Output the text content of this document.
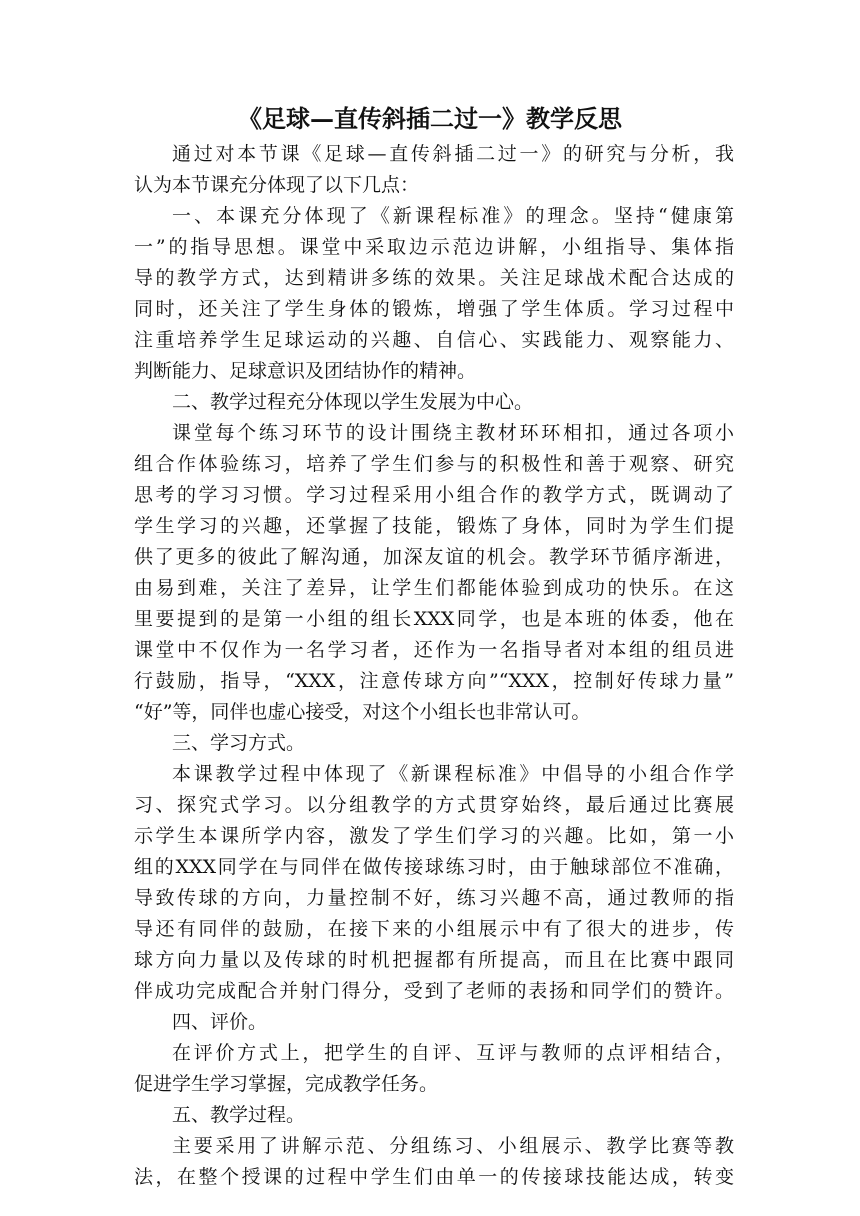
《足球—直传斜插二过一》教学反思
通过对本节课《足球—直传斜插二过一》的研究与分析，我
认为本节课充分体现了以下几点：
一、本课充分体现了《新课程标准》的理念。坚持“健康第
一”的指导思想。课堂中采取边示范边讲解，小组指导、集体指
导的教学方式，达到精讲多练的效果。关注足球战术配合达成的
同时，还关注了学生身体的锻炼，增强了学生体质。学习过程中
注重培养学生足球运动的兴趣、自信心、实践能力、观察能力、
判断能力、足球意识及团结协作的精神。
二、教学过程充分体现以学生发展为中心。
课堂每个练习环节的设计围绕主教材环环相扣，通过各项小
组合作体验练习，培养了学生们参与的积极性和善于观察、研究
思考的学习习惯。学习过程采用小组合作的教学方式，既调动了
学生学习的兴趣，还掌握了技能，锻炼了身体，同时为学生们提
供了更多的彼此了解沟通，加深友谊的机会。教学环节循序渐进，
由易到难，关注了差异，让学生们都能体验到成功的快乐。在这
里要提到的是第一小组的组长XXX同学，也是本班的体委，他在
课堂中不仅作为一名学习者，还作为一名指导者对本组的组员进
行鼓励，指导，“XXX，注意传球方向”“XXX，控制好传球力量”
“好”等，同伴也虚心接受，对这个小组长也非常认可。
三、学习方式。
本课教学过程中体现了《新课程标准》中倡导的小组合作学
习、探究式学习。以分组教学的方式贯穿始终，最后通过比赛展
示学生本课所学内容，激发了学生们学习的兴趣。比如，第一小
组的XXX同学在与同伴在做传接球练习时，由于触球部位不准确，
导致传球的方向，力量控制不好，练习兴趣不高，通过教师的指
导还有同伴的鼓励，在接下来的小组展示中有了很大的进步，传
球方向力量以及传球的时机把握都有所提高，而且在比赛中跟同
伴成功完成配合并射门得分，受到了老师的表扬和同学们的赞许。
四、评价。
在评价方式上，把学生的自评、互评与教师的点评相结合，
促进学生学习掌握，完成教学任务。
五、教学过程。
主要采用了讲解示范、分组练习、小组展示、教学比赛等教
法，在整个授课的过程中学生们由单一的传接球技能达成，转变
